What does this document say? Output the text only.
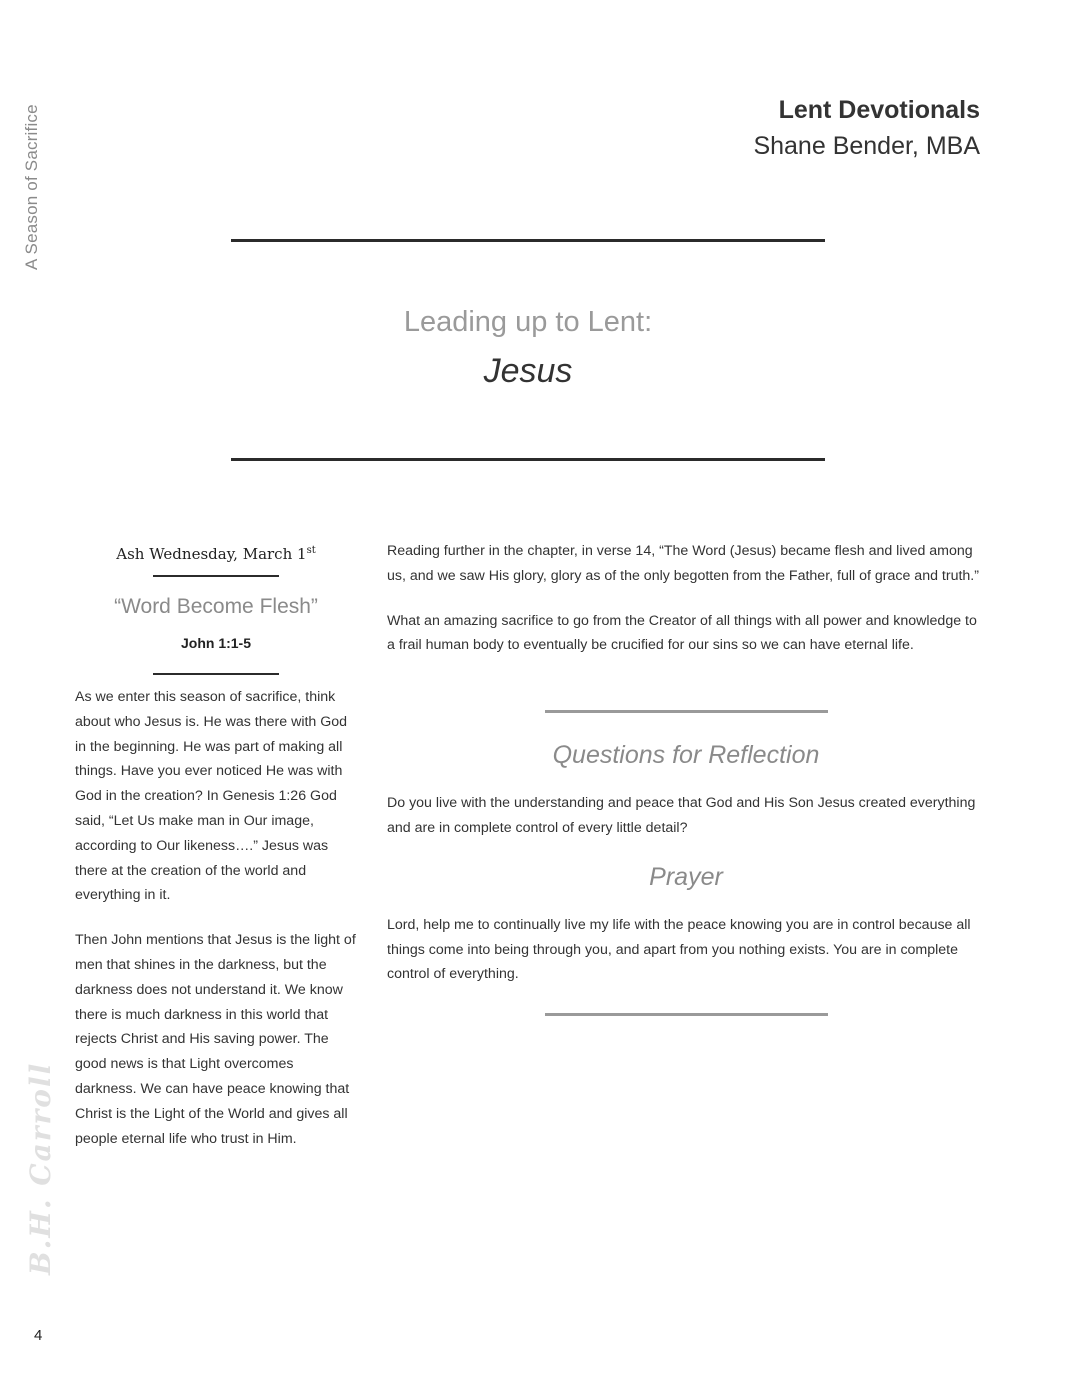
A Season of Sacrifice
B.H. Carroll
Lent Devotionals
Shane Bender, MBA
Leading up to Lent:
Jesus
Ash Wednesday, March 1st
“Word Become Flesh”
John 1:1-5

As we enter this season of sacrifice, think about who Jesus is. He was there with God in the beginning. He was part of making all things. Have you ever noticed He was with God in the creation? In Genesis 1:26 God said, “Let Us make man in Our image, according to Our likeness….” Jesus was there at the creation of the world and everything in it.

Then John mentions that Jesus is the light of men that shines in the darkness, but the darkness does not understand it. We know there is much darkness in this world that rejects Christ and His saving power. The good news is that Light overcomes darkness. We can have peace knowing that Christ is the Light of the World and gives all people eternal life who trust in Him.

Reading further in the chapter, in verse 14, “The Word (Jesus) became flesh and lived among us, and we saw His glory, glory as of the only begotten from the Father, full of grace and truth.”

What an amazing sacrifice to go from the Creator of all things with all power and knowledge to a frail human body to eventually be crucified for our sins so we can have eternal life.

Questions for Reflection

Do you live with the understanding and peace that God and His Son Jesus created everything and are in complete control of every little detail?

Prayer

Lord, help me to continually live my life with the peace knowing you are in control because all things come into being through you, and apart from you nothing exists. You are in complete control of everything.

4
